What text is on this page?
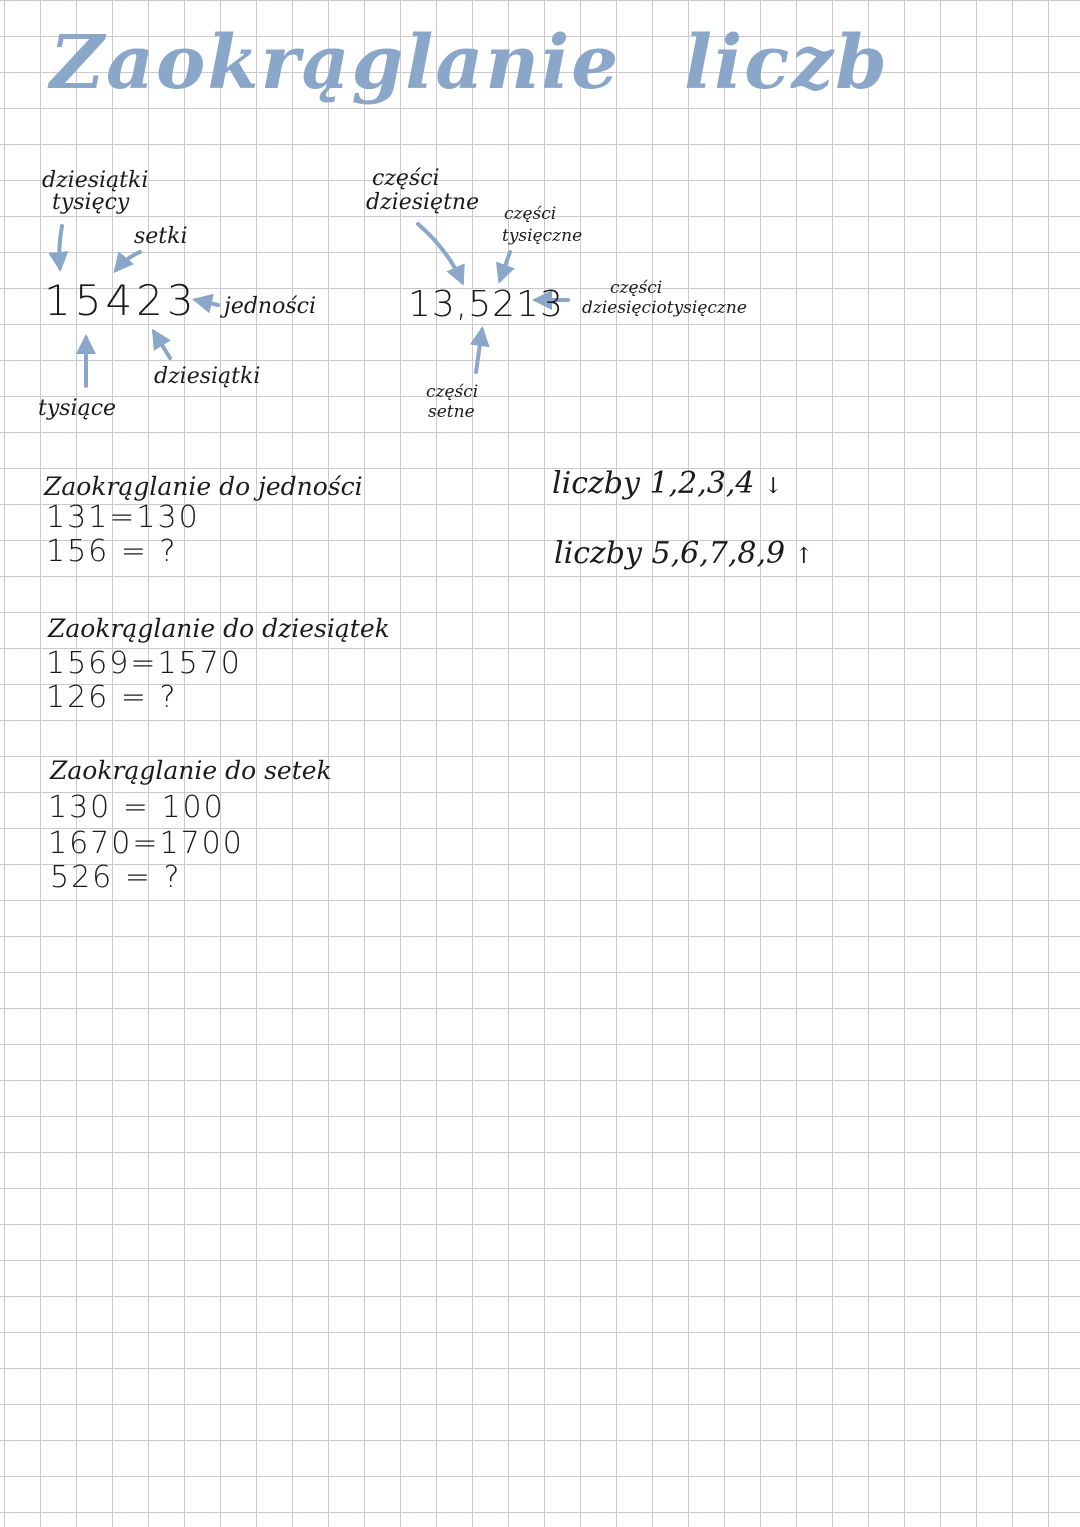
Zaokrąglanie liczb
dziesiątki
tysięcy
setki
15423 jedności
dziesiątki
tysiące
części
dziesiętne części
tysięczne
13,5213	części
dziesięciotysięczne
części
setne
liczby 1,2,3,4 ↓
liczby 5,6,7,8,9 ↑
Zaokrąglanie do jedności
131=130
156 = ?
Zaokrąglanie do dziesiątek
1569=1570
126 = ?
Zaokrąglanie do setek
130 = 100
1670=1700
526 = ?
